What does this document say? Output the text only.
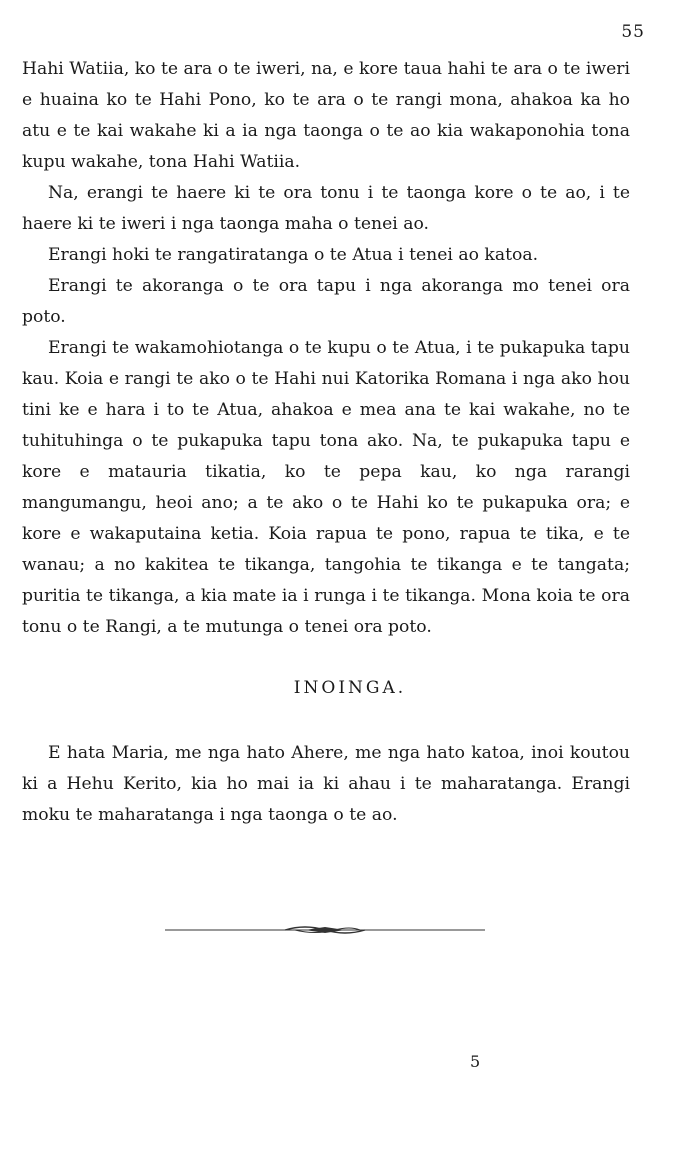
55

Hahi Watiia, ko te ara o te iweri, na, e kore taua hahi te ara o te iweri e huaina ko te Hahi Pono, ko te ara o te rangi mona, ahakoa ka ho atu e te kai wakahe ki a ia nga taonga o te ao kia wakaponohia tona kupu wakahe, tona Hahi Watiia.

Na, erangi te haere ki te ora tonu i te taonga kore o te ao, i te haere ki te iweri i nga taonga maha o tenei ao.

Erangi hoki te rangatiratanga o te Atua i tenei ao katoa.

Erangi te akoranga o te ora tapu i nga akoranga mo tenei ora poto.

Erangi te wakamohiotanga o te kupu o te Atua, i te pukapuka tapu kau. Koia e rangi te ako o te Hahi nui Katorika Romana i nga ako hou tini ke e hara i to te Atua, ahakoa e mea ana te kai wakahe, no te tuhituhinga o te pukapuka tapu tona ako. Na, te pukapuka tapu e kore e matauria tikatia, ko te pepa kau, ko nga rarangi mangumangu, heoi ano; a te ako o te Hahi ko te pukapuka ora; e kore e wakaputaina ketia. Koia rapua te pono, rapua te tika, e te wanau; a no kakitea te tikanga, tangohia te tikanga e te tangata; puritia te tikanga, a kia mate ia i runga i te tikanga. Mona koia te ora tonu o te Rangi, a te mutunga o tenei ora poto.

INOINGA.

E hata Maria, me nga hato Ahere, me nga hato katoa, inoi koutou ki a Hehu Kerito, kia ho mai ia ki ahau i te maharatanga. Erangi moku te maharatanga i nga taonga o te ao.

5
